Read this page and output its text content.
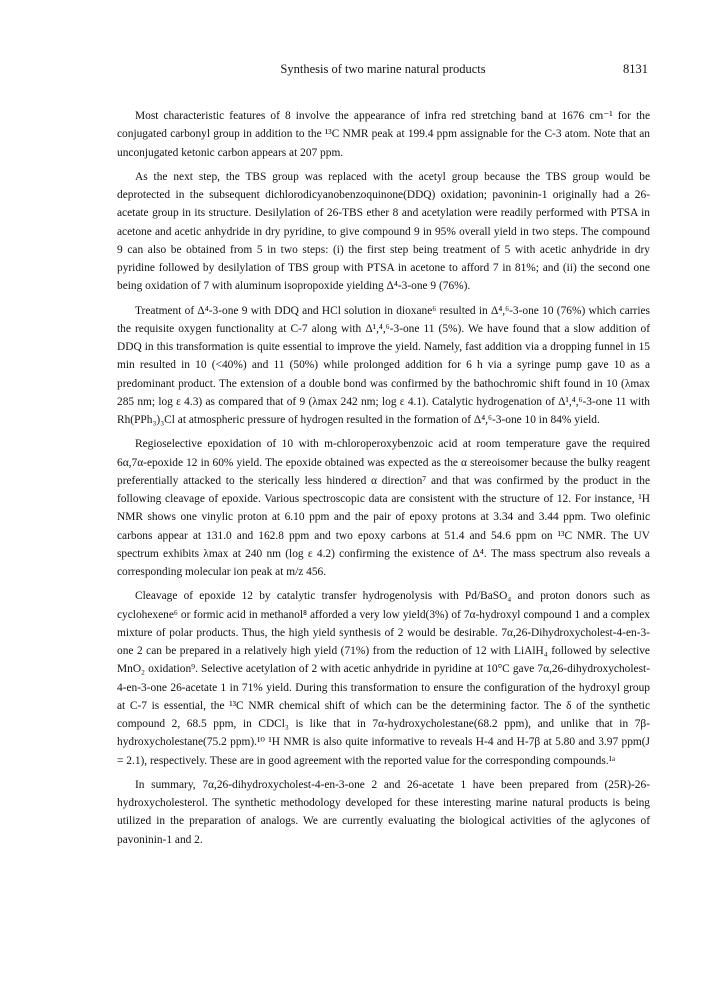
Synthesis of two marine natural products	8131

Most characteristic features of 8 involve the appearance of infra red stretching band at 1676 cm⁻¹ for the conjugated carbonyl group in addition to the ¹³C NMR peak at 199.4 ppm assignable for the C-3 atom. Note that an unconjugated ketonic carbon appears at 207 ppm.

As the next step, the TBS group was replaced with the acetyl group because the TBS group would be deprotected in the subsequent dichlorodicyanobenzoquinone(DDQ) oxidation; pavoninin-1 originally had a 26-acetate group in its structure. Desilylation of 26-TBS ether 8 and acetylation were readily performed with PTSA in acetone and acetic anhydride in dry pyridine, to give compound 9 in 95% overall yield in two steps. The compound 9 can also be obtained from 5 in two steps: (i) the first step being treatment of 5 with acetic anhydride in dry pyridine followed by desilylation of TBS group with PTSA in acetone to afford 7 in 81%; and (ii) the second one being oxidation of 7 with aluminum isopropoxide yielding Δ⁴-3-one 9 (76%).

Treatment of Δ⁴-3-one 9 with DDQ and HCl solution in dioxane⁶ resulted in Δ⁴,⁶-3-one 10 (76%) which carries the requisite oxygen functionality at C-7 along with Δ¹,⁴,⁶-3-one 11 (5%). We have found that a slow addition of DDQ in this transformation is quite essential to improve the yield. Namely, fast addition via a dropping funnel in 15 min resulted in 10 (<40%) and 11 (50%) while prolonged addition for 6 h via a syringe pump gave 10 as a predominant product. The extension of a double bond was confirmed by the bathochromic shift found in 10 (λmax 285 nm; log ε 4.3) as compared that of 9 (λmax 242 nm; log ε 4.1). Catalytic hydrogenation of Δ¹,⁴,⁶-3-one 11 with Rh(PPh₃)₃Cl at atmospheric pressure of hydrogen resulted in the formation of Δ⁴,⁶-3-one 10 in 84% yield.

Regioselective epoxidation of 10 with m-chloroperoxybenzoic acid at room temperature gave the required 6α,7α-epoxide 12 in 60% yield. The epoxide obtained was expected as the α stereoisomer because the bulky reagent preferentially attacked to the sterically less hindered α direction⁷ and that was confirmed by the product in the following cleavage of epoxide. Various spectroscopic data are consistent with the structure of 12. For instance, ¹H NMR shows one vinylic proton at 6.10 ppm and the pair of epoxy protons at 3.34 and 3.44 ppm. Two olefinic carbons appear at 131.0 and 162.8 ppm and two epoxy carbons at 51.4 and 54.6 ppm on ¹³C NMR. The UV spectrum exhibits λmax at 240 nm (log ε 4.2) confirming the existence of Δ⁴. The mass spectrum also reveals a corresponding molecular ion peak at m/z 456.

Cleavage of epoxide 12 by catalytic transfer hydrogenolysis with Pd/BaSO₄ and proton donors such as cyclohexene⁶ or formic acid in methanol⁸ afforded a very low yield(3%) of 7α-hydroxyl compound 1 and a complex mixture of polar products. Thus, the high yield synthesis of 2 would be desirable. 7α,26-Dihydroxycholest-4-en-3-one 2 can be prepared in a relatively high yield (71%) from the reduction of 12 with LiAlH₄ followed by selective MnO₂ oxidation⁹. Selective acetylation of 2 with acetic anhydride in pyridine at 10°C gave 7α,26-dihydroxycholest-4-en-3-one 26-acetate 1 in 71% yield. During this transformation to ensure the configuration of the hydroxyl group at C-7 is essential, the ¹³C NMR chemical shift of which can be the determining factor. The δ of the synthetic compound 2, 68.5 ppm, in CDCl₃ is like that in 7α-hydroxycholestane(68.2 ppm), and unlike that in 7β-hydroxycholestane(75.2 ppm).¹⁰ ¹H NMR is also quite informative to reveals H-4 and H-7β at 5.80 and 3.97 ppm(J = 2.1), respectively. These are in good agreement with the reported value for the corresponding compounds.¹ᵃ

In summary, 7α,26-dihydroxycholest-4-en-3-one 2 and 26-acetate 1 have been prepared from (25R)-26-hydroxycholesterol. The synthetic methodology developed for these interesting marine natural products is being utilized in the preparation of analogs. We are currently evaluating the biological activities of the aglycones of pavoninin-1 and 2.
